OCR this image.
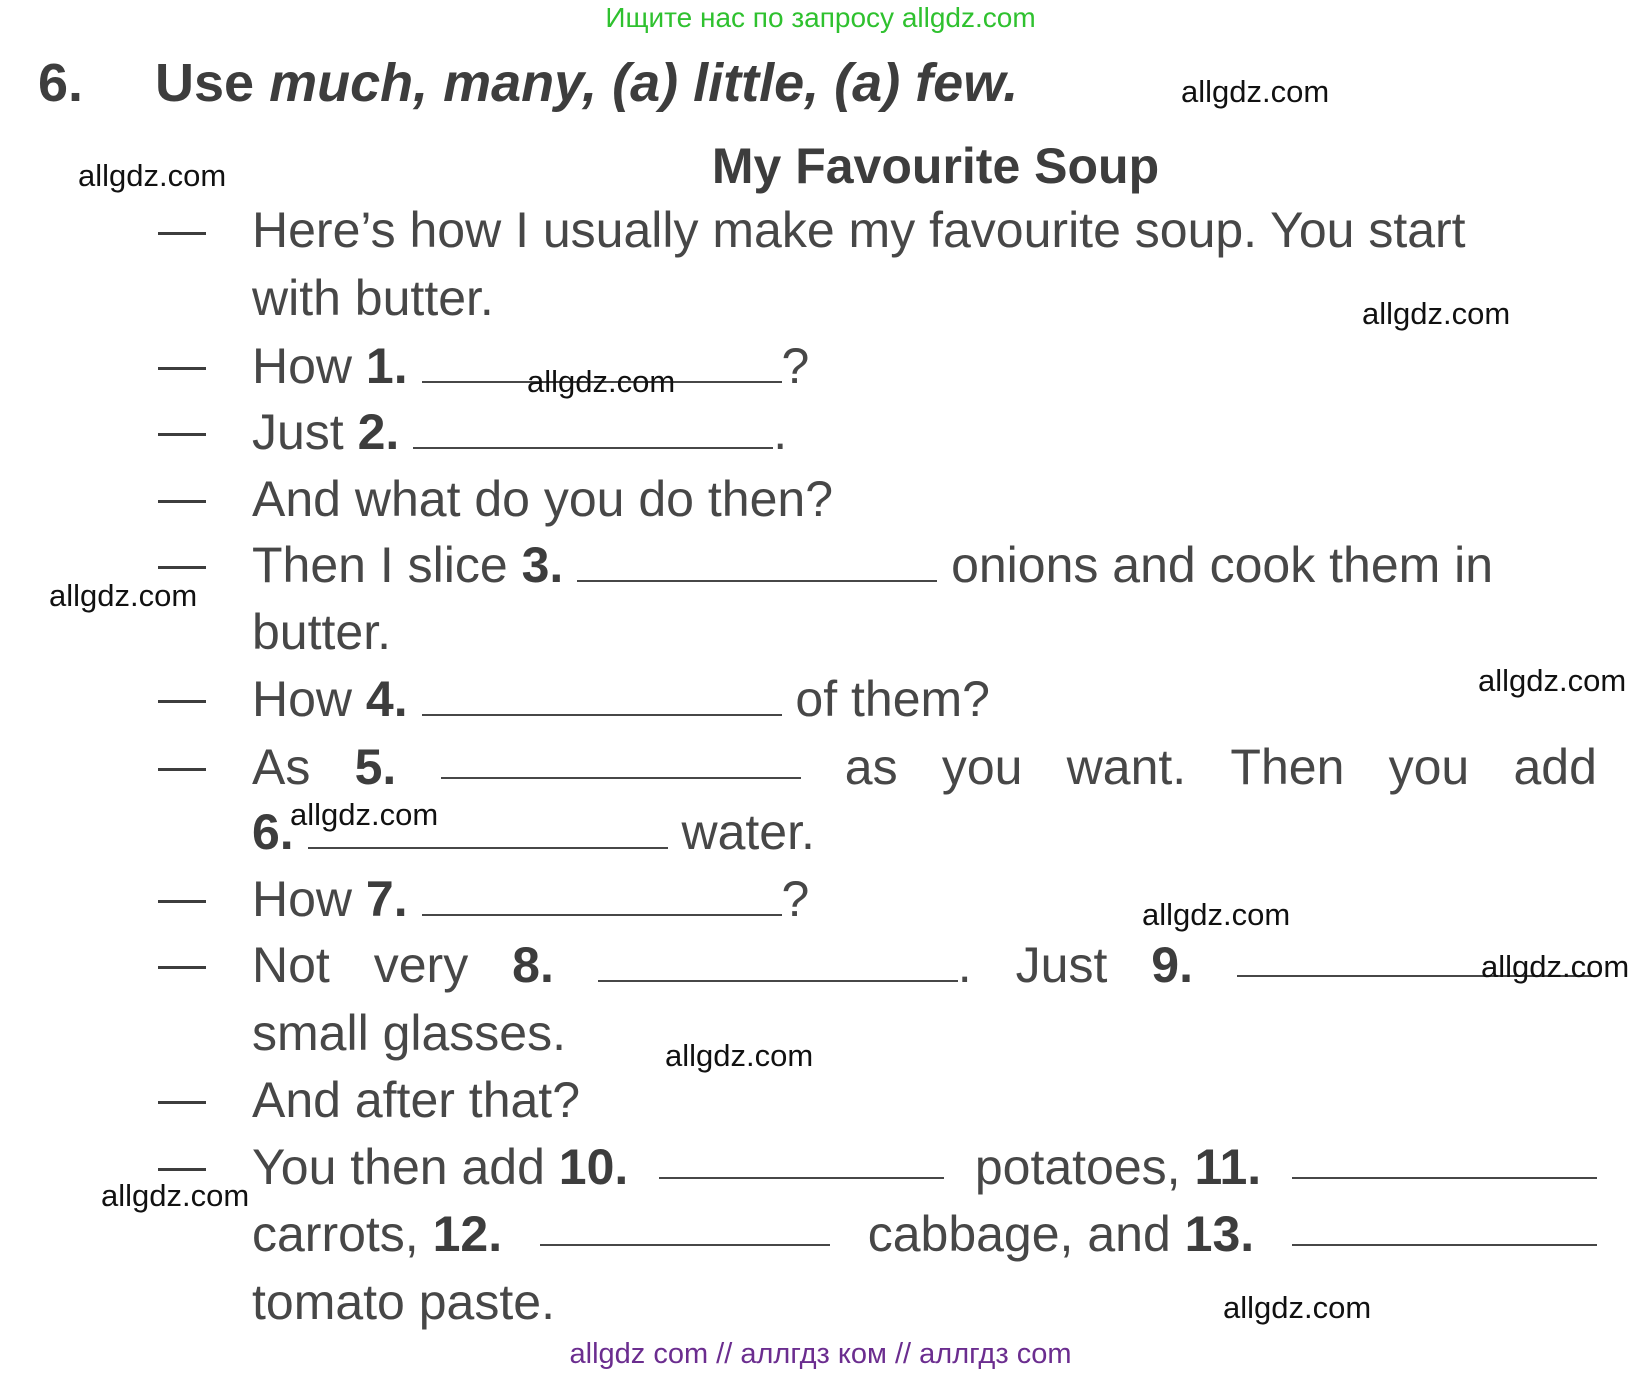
Ищите нас по запросу allgdz.com
6. Use much, many, (a) little, (a) few.	allgdz.com
My Favourite Soup
allgdz.com
Here’s how I usually make my favourite soup. You start
with butter.	allgdz.com
How 1.	?
allgdz.com
Just 2.	.
And what do you do then?
Then I slice 3.	onions and cook them in
butter.
allgdz.com
How 4.	of them?	allgdz.com
As 5.	as you want. Then you add
6.	water.
allgdz.com
How 7.	?	allgdz.com
Not very 8.	. Just 9.	allgdz.com
small glasses.	allgdz.com
And after that?
You then add 10.	potatoes, 11.
allgdz.com
carrots, 12.	cabbage, and 13.
tomato paste.	allgdz.com
allgdz com // аллгдз ком // аллгдз com
